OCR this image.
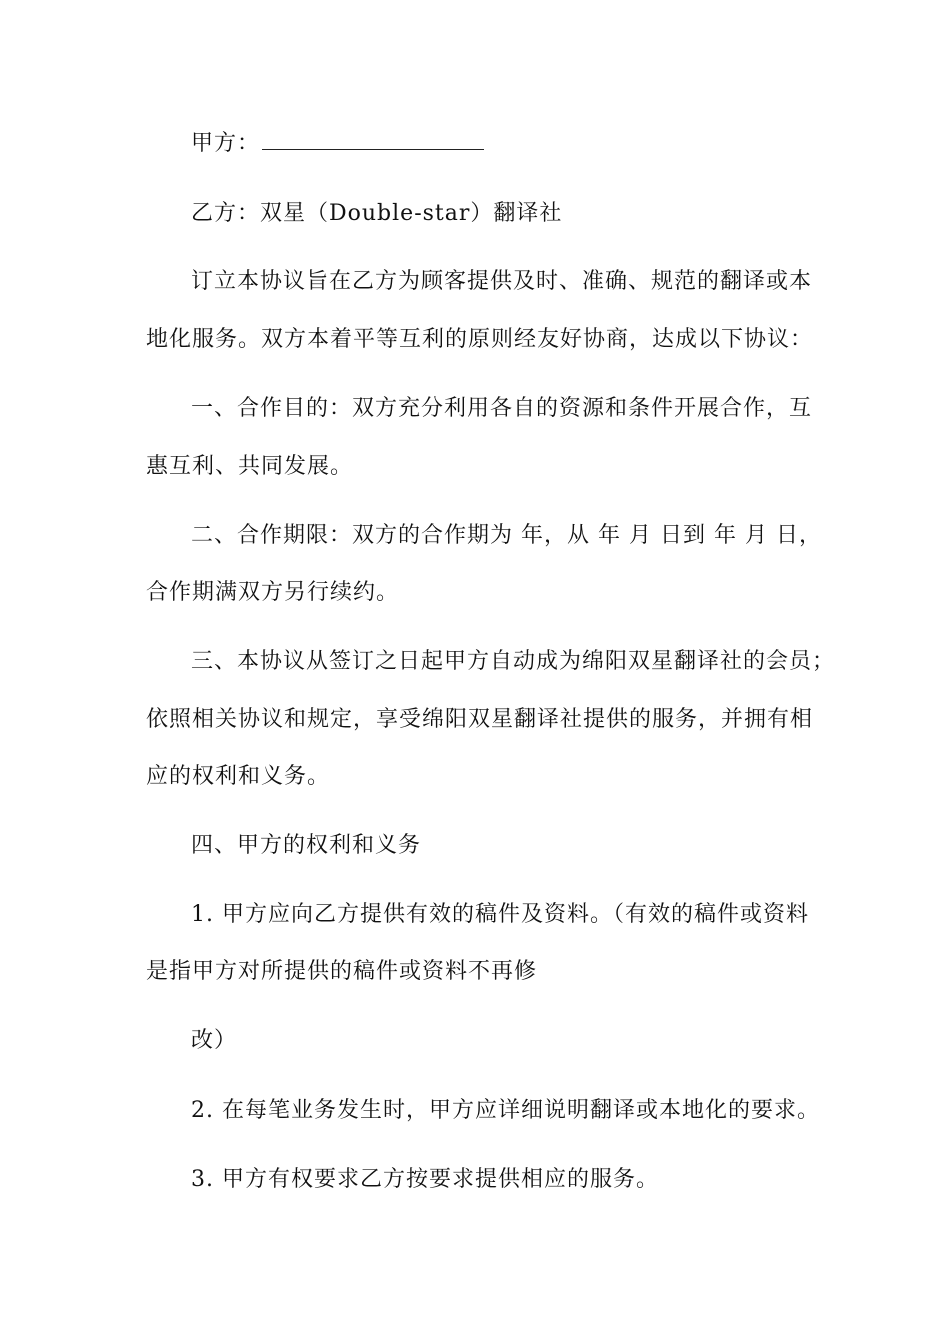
甲方：
乙方：双星（Double-star）翻译社
订立本协议旨在乙方为顾客提供及时、准确、规范的翻译或本
地化服务。双方本着平等互利的原则经友好协商，达成以下协议：
一、合作目的：双方充分利用各自的资源和条件开展合作，互
惠互利、共同发展。
二、合作期限：双方的合作期为 年，从 年 月 日到 年 月 日，
合作期满双方另行续约。
三、本协议从签订之日起甲方自动成为绵阳双星翻译社的会员；
依照相关协议和规定，享受绵阳双星翻译社提供的服务，并拥有相
应的权利和义务。
四、甲方的权利和义务
1. 甲方应向乙方提供有效的稿件及资料。（有效的稿件或资料
是指甲方对所提供的稿件或资料不再修
改）
2. 在每笔业务发生时，甲方应详细说明翻译或本地化的要求。
3. 甲方有权要求乙方按要求提供相应的服务。
